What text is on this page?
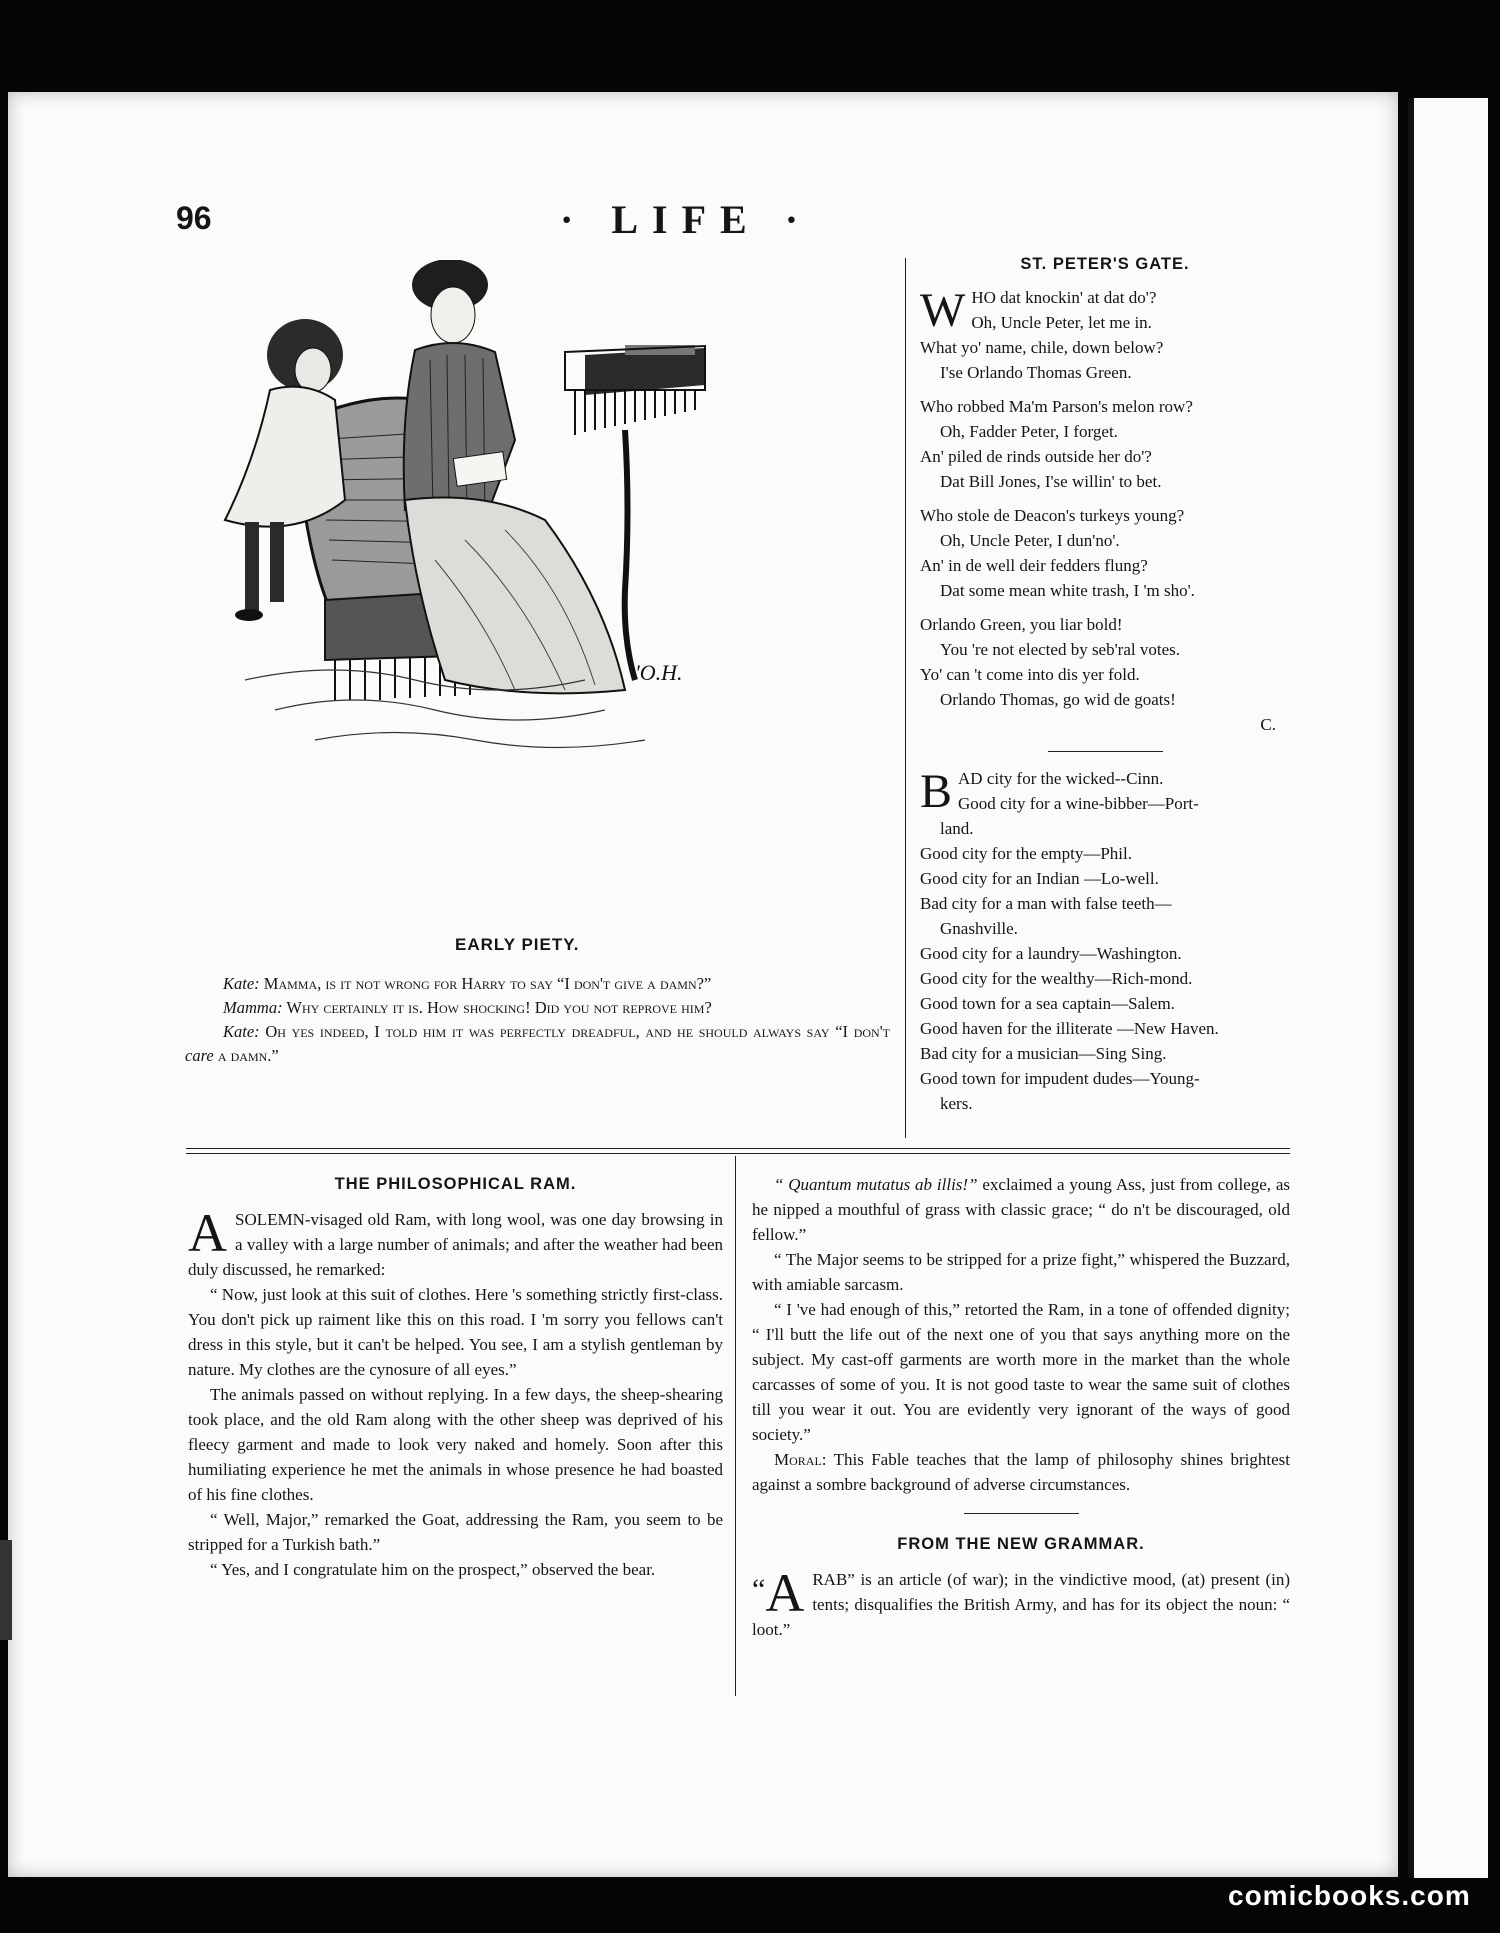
96	· LIFE ·
'O.H.
EARLY PIETY.

Kate: Mamma, is it not wrong for Harry to say “I don't give a damn?”

Mamma: Why certainly it is. How shocking! Did you not reprove him?

Kate: Oh yes indeed, I told him it was perfectly dreadful, and he should always say “I don't care a damn.”

ST. PETER'S GATE.
W HO dat knockin' at dat do'?
Oh, Uncle Peter, let me in.
What yo' name, chile, down below?
I'se Orlando Thomas Green.
Who robbed Ma'm Parson's melon row?
Oh, Fadder Peter, I forget.
An' piled de rinds outside her do'?
Dat Bill Jones, I'se willin' to bet.
Who stole de Deacon's turkeys young?
Oh, Uncle Peter, I dun'no'.
An' in de well deir fedders flung?
Dat some mean white trash, I 'm sho'.
Orlando Green, you liar bold!
You 're not elected by seb'ral votes.
Yo' can 't come into dis yer fold.
Orlando Thomas, go wid de goats!
C.
B AD city for the wicked--Cinn.
Good city for a wine-bibber—Port-
land.
Good city for the empty—Phil.
Good city for an Indian —Lo-well.
Bad city for a man with false teeth—
Gnashville.
Good city for a laundry—Washington.
Good city for the wealthy—Rich-mond.
Good town for a sea captain—Salem.
Good haven for the illiterate —New Haven.
Bad city for a musician—Sing Sing.
Good town for impudent dudes—Young-
kers.
THE PHILOSOPHICAL RAM.

ASOLEMN-visaged old Ram, with long wool, was one day browsing in a valley with a large number of animals; and after the weather had been duly discussed, he remarked:

“ Now, just look at this suit of clothes. Here 's something strictly first-class. You don't pick up raiment like this on this road. I 'm sorry you fellows can't dress in this style, but it can't be helped. You see, I am a stylish gentleman by nature. My clothes are the cynosure of all eyes.”

The animals passed on without replying. In a few days, the sheep-shearing took place, and the old Ram along with the other sheep was deprived of his fleecy garment and made to look very naked and homely. Soon after this humiliating experience he met the animals in whose presence he had boasted of his fine clothes.

“ Well, Major,” remarked the Goat, addressing the Ram, you seem to be stripped for a Turkish bath.”

“ Yes, and I congratulate him on the prospect,” observed the bear.

“ Quantum mutatus ab illis!” exclaimed a young Ass, just from college, as he nipped a mouthful of grass with classic grace; “ do n't be discouraged, old fellow.”

“ The Major seems to be stripped for a prize fight,” whispered the Buzzard, with amiable sarcasm.

“ I 've had enough of this,” retorted the Ram, in a tone of offended dignity; “ I'll butt the life out of the next one of you that says anything more on the subject. My cast-off garments are worth more in the market than the whole carcasses of some of you. It is not good taste to wear the same suit of clothes till you wear it out. You are evidently very ignorant of the ways of good society.”

Moral: This Fable teaches that the lamp of philosophy shines brightest against a sombre background of adverse circumstances.

FROM THE NEW GRAMMAR.

“ A RAB” is an article (of war); in the vindictive mood, (at) present (in) tents; disqualifies the British Army, and has for its object the noun: “ loot.”

comicbooks.com
